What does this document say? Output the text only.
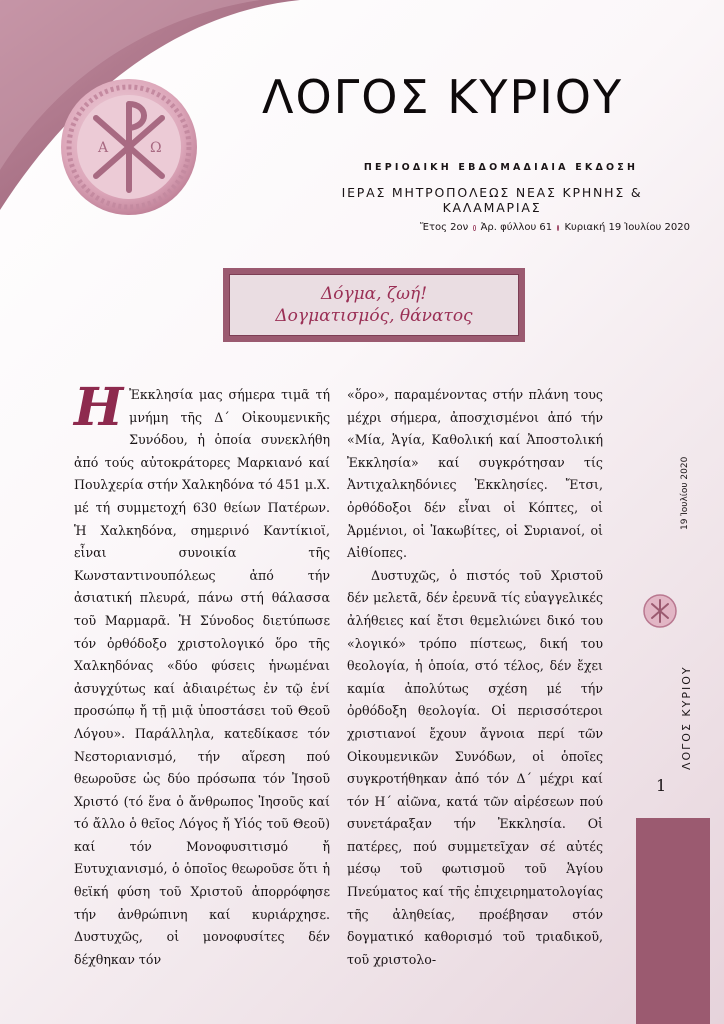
Α	Ω
ΛΟΓΟΣ ΚΥΡΙΟΥ
ΠΕΡΙΟΔΙΚΗ ΕΒΔΟΜΑΔΙΑΙΑ ΕΚΔΟΣΗ
ΙΕΡΑΣ ΜΗΤΡΟΠΟΛΕΩΣ ΝΕΑΣ ΚΡΗΝΗΣ & ΚΑΛΑΜΑΡΙΑΣ
Ἔτος 2ον Ἀρ. φύλλου 61 Κυριακή 19 Ἰουλίου 2020
Δόγμα, ζωή!
Δογματισμός, θάνατος
Η Ἐκκλησία μας σήμερα τιμᾶ τή μνήμη τῆς Δ΄ Οἰκουμενικῆς Συνόδου, ἡ ὁποία συνεκλήθη ἀπό τούς αὐτοκράτορες Μαρκιανό καί Πουλχερία στήν Χαλκηδόνα τό 451 μ.Χ. μέ τή συμμετοχή 630 θείων Πατέρων. Ἡ Χαλκηδόνα, σημερινό Καντίκιοϊ, εἶναι συνοικία τῆς Κωνσταντινουπόλεως ἀπό τήν ἀσιατική πλευρά, πάνω στή θάλασσα τοῦ Μαρμαρᾶ. Ἡ Σύνοδος διετύπωσε τόν ὀρθόδοξο χριστολογικό ὅρο τῆς Χαλκηδόνας «δύο φύσεις ἡνωμέναι ἀσυγχύτως καί ἀδιαιρέτως ἐν τῷ ἑνί προσώπῳ ἤ τῇ μιᾷ ὑποστάσει τοῦ Θεοῦ Λόγου». Παράλληλα, κατεδίκασε τόν Νεστοριανισμό, τήν αἵρεση πού θεωροῦσε ὡς δύο πρόσωπα τόν Ἰησοῦ Χριστό (τό ἕνα ὁ ἄνθρωπος Ἰησοῦς καί τό ἄλλο ὁ θεῖος Λόγος ἤ Υἱός τοῦ Θεοῦ) καί τόν Μονοφυσιτισμό ἤ Ευτυχιανισμό, ὁ ὁποῖος θεωροῦσε ὅτι ἡ θεϊκή φύση τοῦ Χριστοῦ ἀπορρόφησε τήν ἀνθρώπινη καί κυριάρχησε. Δυστυχῶς, οἱ μονοφυσίτες δέν δέχθηκαν τόν

«ὅρο», παραμένοντας στήν πλάνη τους μέχρι σήμερα, ἀποσχισμένοι ἀπό τήν «Μία, Ἁγία, Καθολική καί Ἀποστολική Ἐκκλησία» καί συγκρότησαν τίς Ἀντιχαλκηδόνιες Ἐκκλησίες. Ἔτσι, ὀρθόδοξοι δέν εἶναι οἱ Κόπτες, οἱ Ἀρμένιοι, οἱ Ἰακωβίτες, οἱ Συριανοί, οἱ Αἰθίοπες.

Δυστυχῶς, ὁ πιστός τοῦ Χριστοῦ δέν μελετᾶ, δέν ἐρευνᾶ τίς εὐαγγελικές ἀλήθειες καί ἔτσι θεμελιώνει δικό του «λογικό» τρόπο πίστεως, δική του θεολογία, ἡ ὁποία, στό τέλος, δέν ἔχει καμία ἀπολύτως σχέση μέ τήν ὀρθόδοξη θεολογία. Οἱ περισσότεροι χριστιανοί ἔχουν ἄγνοια περί τῶν Οἰκουμενικῶν Συνόδων, οἱ ὁποῖες συγκροτήθηκαν ἀπό τόν Δ΄ μέχρι καί τόν Η΄ αἰῶνα, κατά τῶν αἱρέσεων πού συνετάραξαν τήν Ἐκκλησία. Οἱ πατέρες, πού συμμετεῖχαν σέ αὐτές μέσῳ τοῦ φωτισμοῦ τοῦ Ἁγίου Πνεύματος καί τῆς ἐπιχειρηματολογίας τῆς ἀληθείας, προέβησαν στόν δογματικό καθορισμό τοῦ τριαδικοῦ, τοῦ χριστολο-

19 Ἰουλίου 2020
ΛΟΓΟΣ ΚΥΡΙΟΥ
1
